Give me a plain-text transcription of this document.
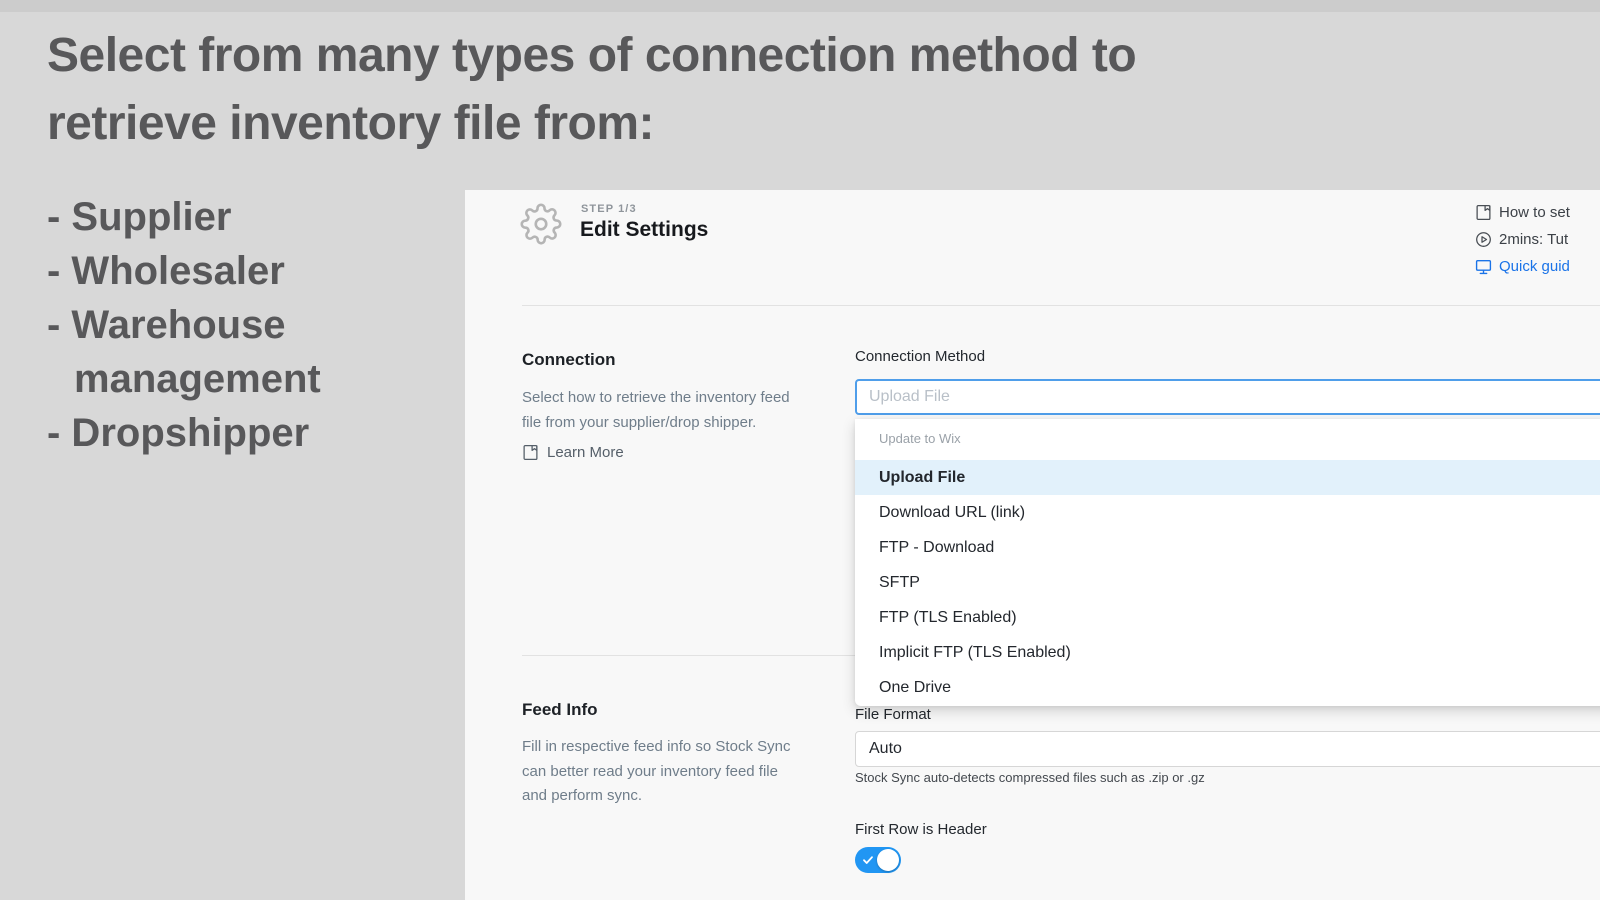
Select from many types of connection method to
retrieve inventory file from:
- Supplier
- Wholesaler
- Warehouse
management
- Dropshipper
STEP 1/3
Edit Settings
How to set
2mins: Tut
Quick guid
Connection
Select how to retrieve the inventory feed
file from your supplier/drop shipper.
Learn More
Connection Method
Upload File
Update to Wix
Upload File
Download URL (link)
FTP - Download
SFTP
FTP (TLS Enabled)
Implicit FTP (TLS Enabled)
One Drive
Feed Info
Fill in respective feed info so Stock Sync
can better read your inventory feed file
and perform sync.
File Format
Auto
Stock Sync auto-detects compressed files such as .zip or .gz
First Row is Header
